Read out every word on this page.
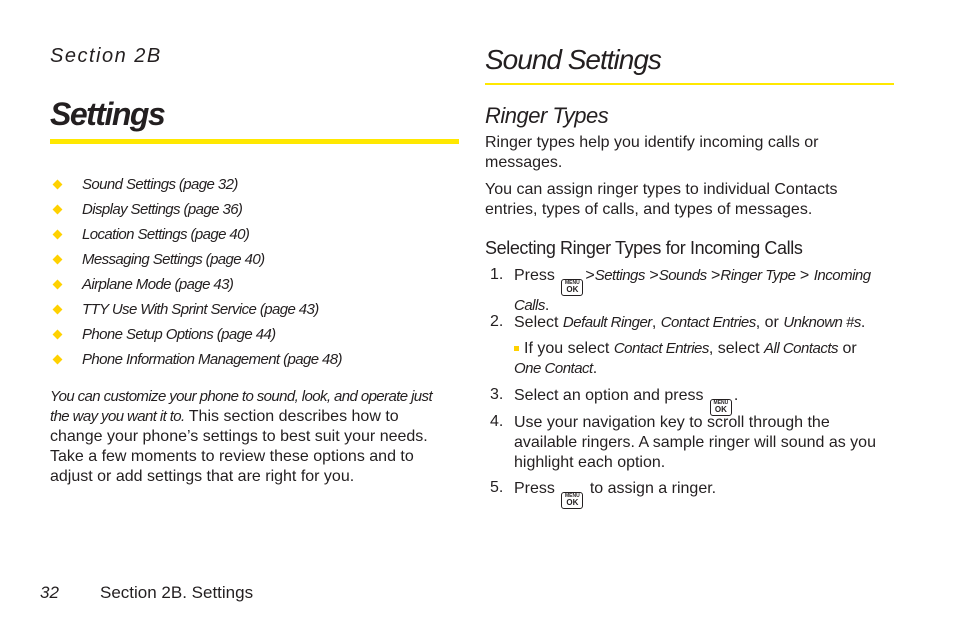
Section 2B
Settings
Sound Settings (page 32)
Display Settings (page 36)
Location Settings (page 40)
Messaging Settings (page 40)
Airplane Mode (page 43)
TTY Use With Sprint Service (page 43)
Phone Setup Options (page 44)
Phone Information Management (page 48)
You can customize your phone to sound, look, and operate just the way you want it to. This section describes how to change your phone’s settings to best suit your needs. Take a few moments to review these options and to adjust or add settings that are right for you.
32 Section 2B. Settings
Sound Settings
Ringer Types
Ringer types help you identify incoming calls or messages.
You can assign ringer types to individual Contacts entries, types of calls, and types of messages.
Selecting Ringer Types for Incoming Calls
1. Press MENU
OK
>Settings >Sounds >Ringer Type > Incoming Calls.
2. Select Default Ringer, Contact Entries, or Unknown #s.
If you select Contact Entries, select All Contacts or One Contact.
3. Select an option and press MENU
OK
.
4. Use your navigation key to scroll through the available ringers. A sample ringer will sound as you highlight each option.
5. Press MENU
OK
to assign a ringer.
